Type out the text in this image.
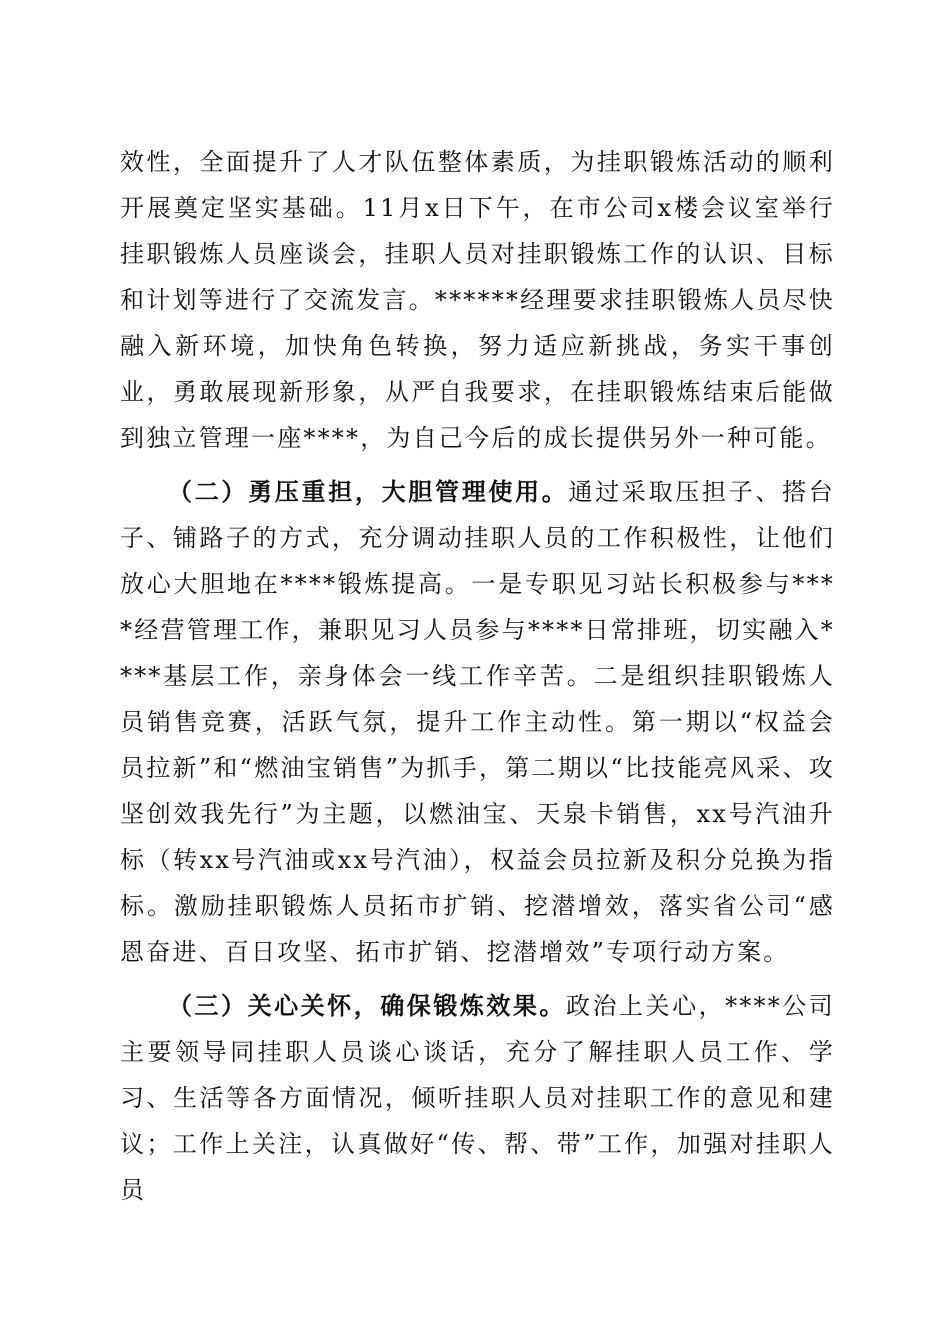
效性，全面提升了人才队伍整体素质，为挂职锻炼活动的顺利开展奠定坚实基础。11月x日下午，在市公司x楼会议室举行挂职锻炼人员座谈会，挂职人员对挂职锻炼工作的认识、目标和计划等进行了交流发言。******经理要求挂职锻炼人员尽快融入新环境，加快角色转换，努力适应新挑战，务实干事创业，勇敢展现新形象，从严自我要求，在挂职锻炼结束后能做到独立管理一座****，为自己今后的成长提供另外一种可能。

（二）勇压重担，大胆管理使用。通过采取压担子、搭台子、铺路子的方式，充分调动挂职人员的工作积极性，让他们放心大胆地在****锻炼提高。一是专职见习站长积极参与****经营管理工作，兼职见习人员参与****日常排班，切实融入****基层工作，亲身体会一线工作辛苦。二是组织挂职锻炼人员销售竞赛，活跃气氛，提升工作主动性。第一期以“权益会员拉新”和“燃油宝销售”为抓手，第二期以“比技能亮风采、攻坚创效我先行”为主题，以燃油宝、天泉卡销售，xx号汽油升标（转xx号汽油或xx号汽油），权益会员拉新及积分兑换为指标。激励挂职锻炼人员拓市扩销、挖潜增效，落实省公司“感恩奋进、百日攻坚、拓市扩销、挖潜增效”专项行动方案。

（三）关心关怀，确保锻炼效果。政治上关心，****公司主要领导同挂职人员谈心谈话，充分了解挂职人员工作、学习、生活等各方面情况，倾听挂职人员对挂职工作的意见和建议；工作上关注，认真做好“传、帮、带”工作，加强对挂职人员
